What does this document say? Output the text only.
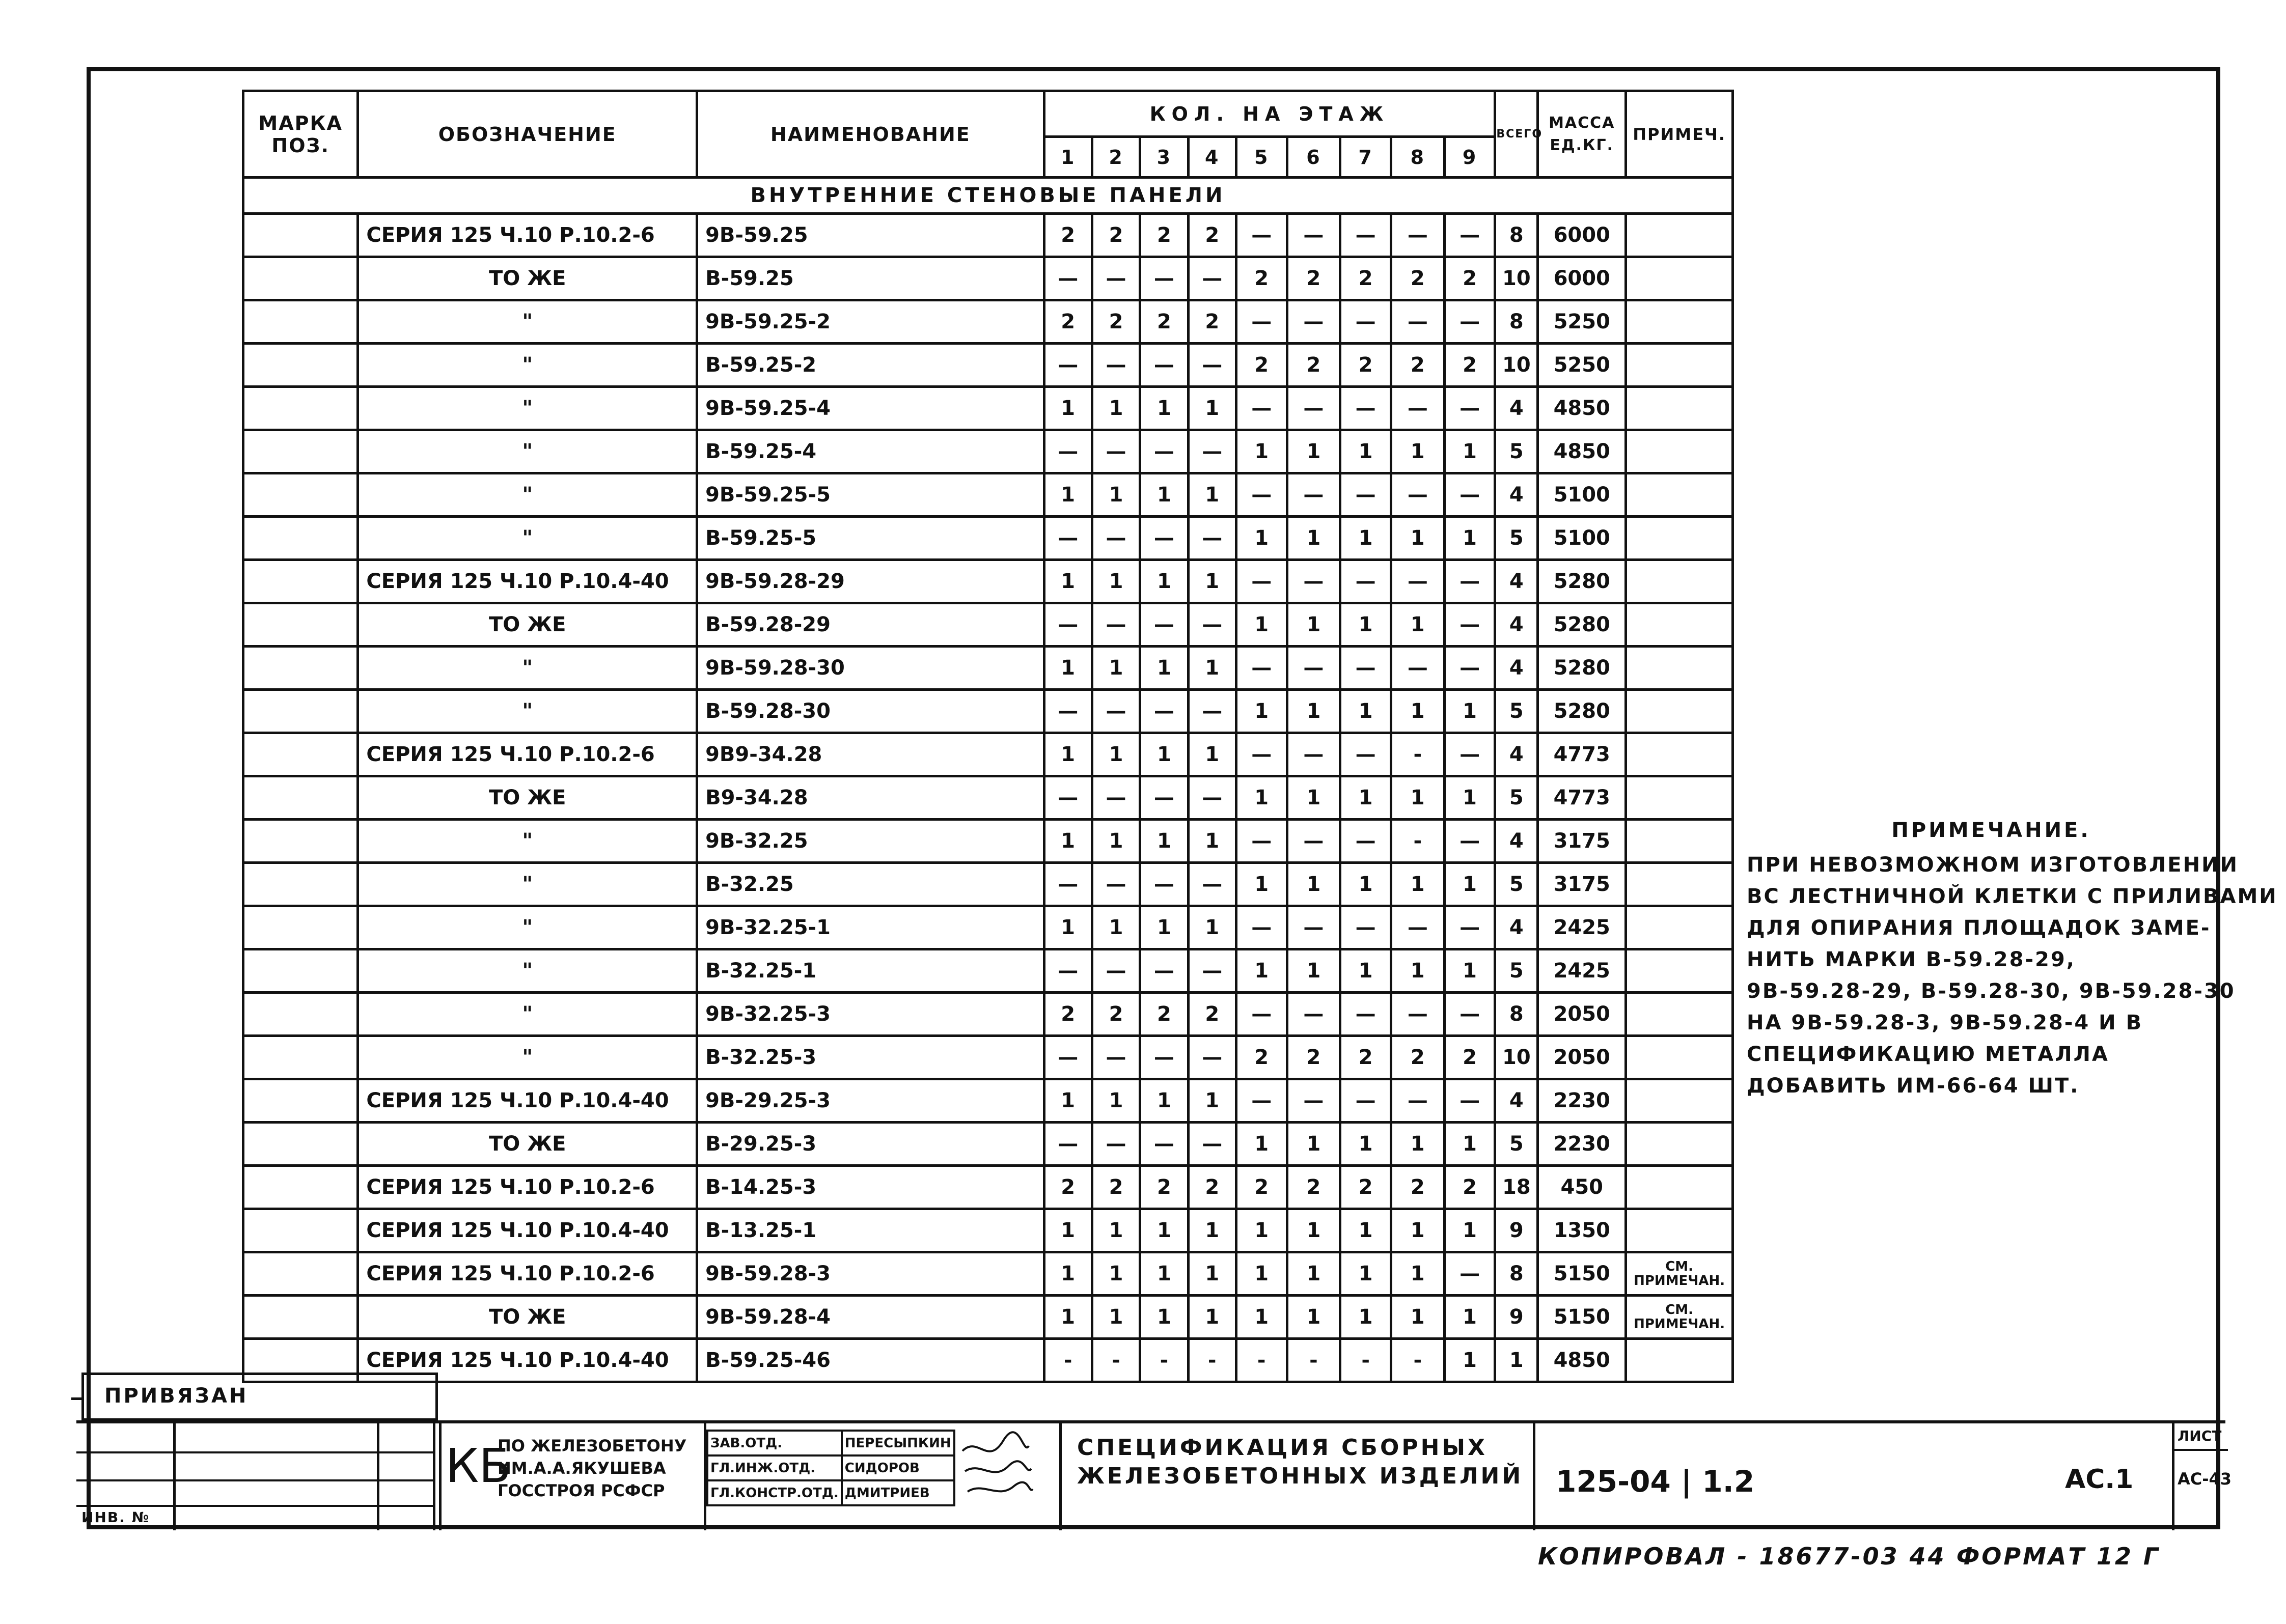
МАРКА ПОЗ.	ОБОЗНАЧЕНИЕ	НАИМЕНОВАНИЕ	КОЛ. НА ЭТАЖ									ВСЕГО	МАССА ЕД.КГ.	ПРИМЕЧ.
			1	2	3	4	5	6	7	8	9			
ВНУТРЕННИЕ СТЕНОВЫЕ ПАНЕЛИ														
	СЕРИЯ 125 Ч.10 Р.10.2-6	9В-59.25	2	2	2	2	—	—	—	—	—	8	6000	
	ТО ЖЕ	В-59.25	—	—	—	—	2	2	2	2	2	10	6000	
	"	9В-59.25-2	2	2	2	2	—	—	—	—	—	8	5250	
	"	В-59.25-2	—	—	—	—	2	2	2	2	2	10	5250	
	"	9В-59.25-4	1	1	1	1	—	—	—	—	—	4	4850	
	"	В-59.25-4	—	—	—	—	1	1	1	1	1	5	4850	
	"	9В-59.25-5	1	1	1	1	—	—	—	—	—	4	5100	
	"	В-59.25-5	—	—	—	—	1	1	1	1	1	5	5100	
	СЕРИЯ 125 Ч.10 Р.10.4-40	9В-59.28-29	1	1	1	1	—	—	—	—	—	4	5280	
	ТО ЖЕ	В-59.28-29	—	—	—	—	1	1	1	1	—	4	5280	
	"	9В-59.28-30	1	1	1	1	—	—	—	—	—	4	5280	
	"	В-59.28-30	—	—	—	—	1	1	1	1	1	5	5280	
	СЕРИЯ 125 Ч.10 Р.10.2-6	9В9-34.28	1	1	1	1	—	—	—	-	—	4	4773	
	ТО ЖЕ	В9-34.28	—	—	—	—	1	1	1	1	1	5	4773	
	"	9В-32.25	1	1	1	1	—	—	—	-	—	4	3175	
	"	В-32.25	—	—	—	—	1	1	1	1	1	5	3175	
	"	9В-32.25-1	1	1	1	1	—	—	—	—	—	4	2425	
	"	В-32.25-1	—	—	—	—	1	1	1	1	1	5	2425	
	"	9В-32.25-3	2	2	2	2	—	—	—	—	—	8	2050	
	"	В-32.25-3	—	—	—	—	2	2	2	2	2	10	2050	
	СЕРИЯ 125 Ч.10 Р.10.4-40	9В-29.25-3	1	1	1	1	—	—	—	—	—	4	2230	
	ТО ЖЕ	В-29.25-3	—	—	—	—	1	1	1	1	1	5	2230	
	СЕРИЯ 125 Ч.10 Р.10.2-6	В-14.25-3	2	2	2	2	2	2	2	2	2	18	450	
	СЕРИЯ 125 Ч.10 Р.10.4-40	В-13.25-1	1	1	1	1	1	1	1	1	1	9	1350	
	СЕРИЯ 125 Ч.10 Р.10.2-6	9В-59.28-3	1	1	1	1	1	1	1	1	—	8	5150	СМ. ПРИМЕЧАН.
	ТО ЖЕ	9В-59.28-4	1	1	1	1	1	1	1	1	1	9	5150	СМ. ПРИМЕЧАН.
	СЕРИЯ 125 Ч.10 Р.10.4-40	В-59.25-46	-	-	-	-	-	-	-	-	1	1	4850	
ПРИМЕЧАНИЕ.
ПРИ НЕВОЗМОЖНОМ ИЗГОТОВЛЕНИИ
ВС ЛЕСТНИЧНОЙ КЛЕТКИ С ПРИЛИВАМИ
ДЛЯ ОПИРАНИЯ ПЛОЩАДОК ЗАМЕ-
НИТЬ МАРКИ В-59.28-29,
9В-59.28-29, В-59.28-30, 9В-59.28-30
НА 9В-59.28-3, 9В-59.28-4 И В
СПЕЦИФИКАЦИЮ МЕТАЛЛА
ДОБАВИТЬ ИМ-66-64 ШТ.
ПРИВЯЗАН
ИНВ. №
КБ
ПО ЖЕЛЕЗОБЕТОНУ
ИМ.А.А.ЯКУШЕВА
ГОССТРОЯ РСФСР
ЗАВ.ОТД.	ПЕРЕСЫПКИН	
ГЛ.ИНЖ.ОТД.	СИДОРОВ	
ГЛ.КОНСТР.ОТД.	ДМИТРИЕВ	
СПЕЦИФИКАЦИЯ СБОРНЫХ
ЖЕЛЕЗОБЕТОННЫХ ИЗДЕЛИЙ 125-04 | 1.2	АС.1
ЛИСТ
АС-43
КОПИРОВАЛ - 18677-03 44 ФОРМАТ 12 Г
